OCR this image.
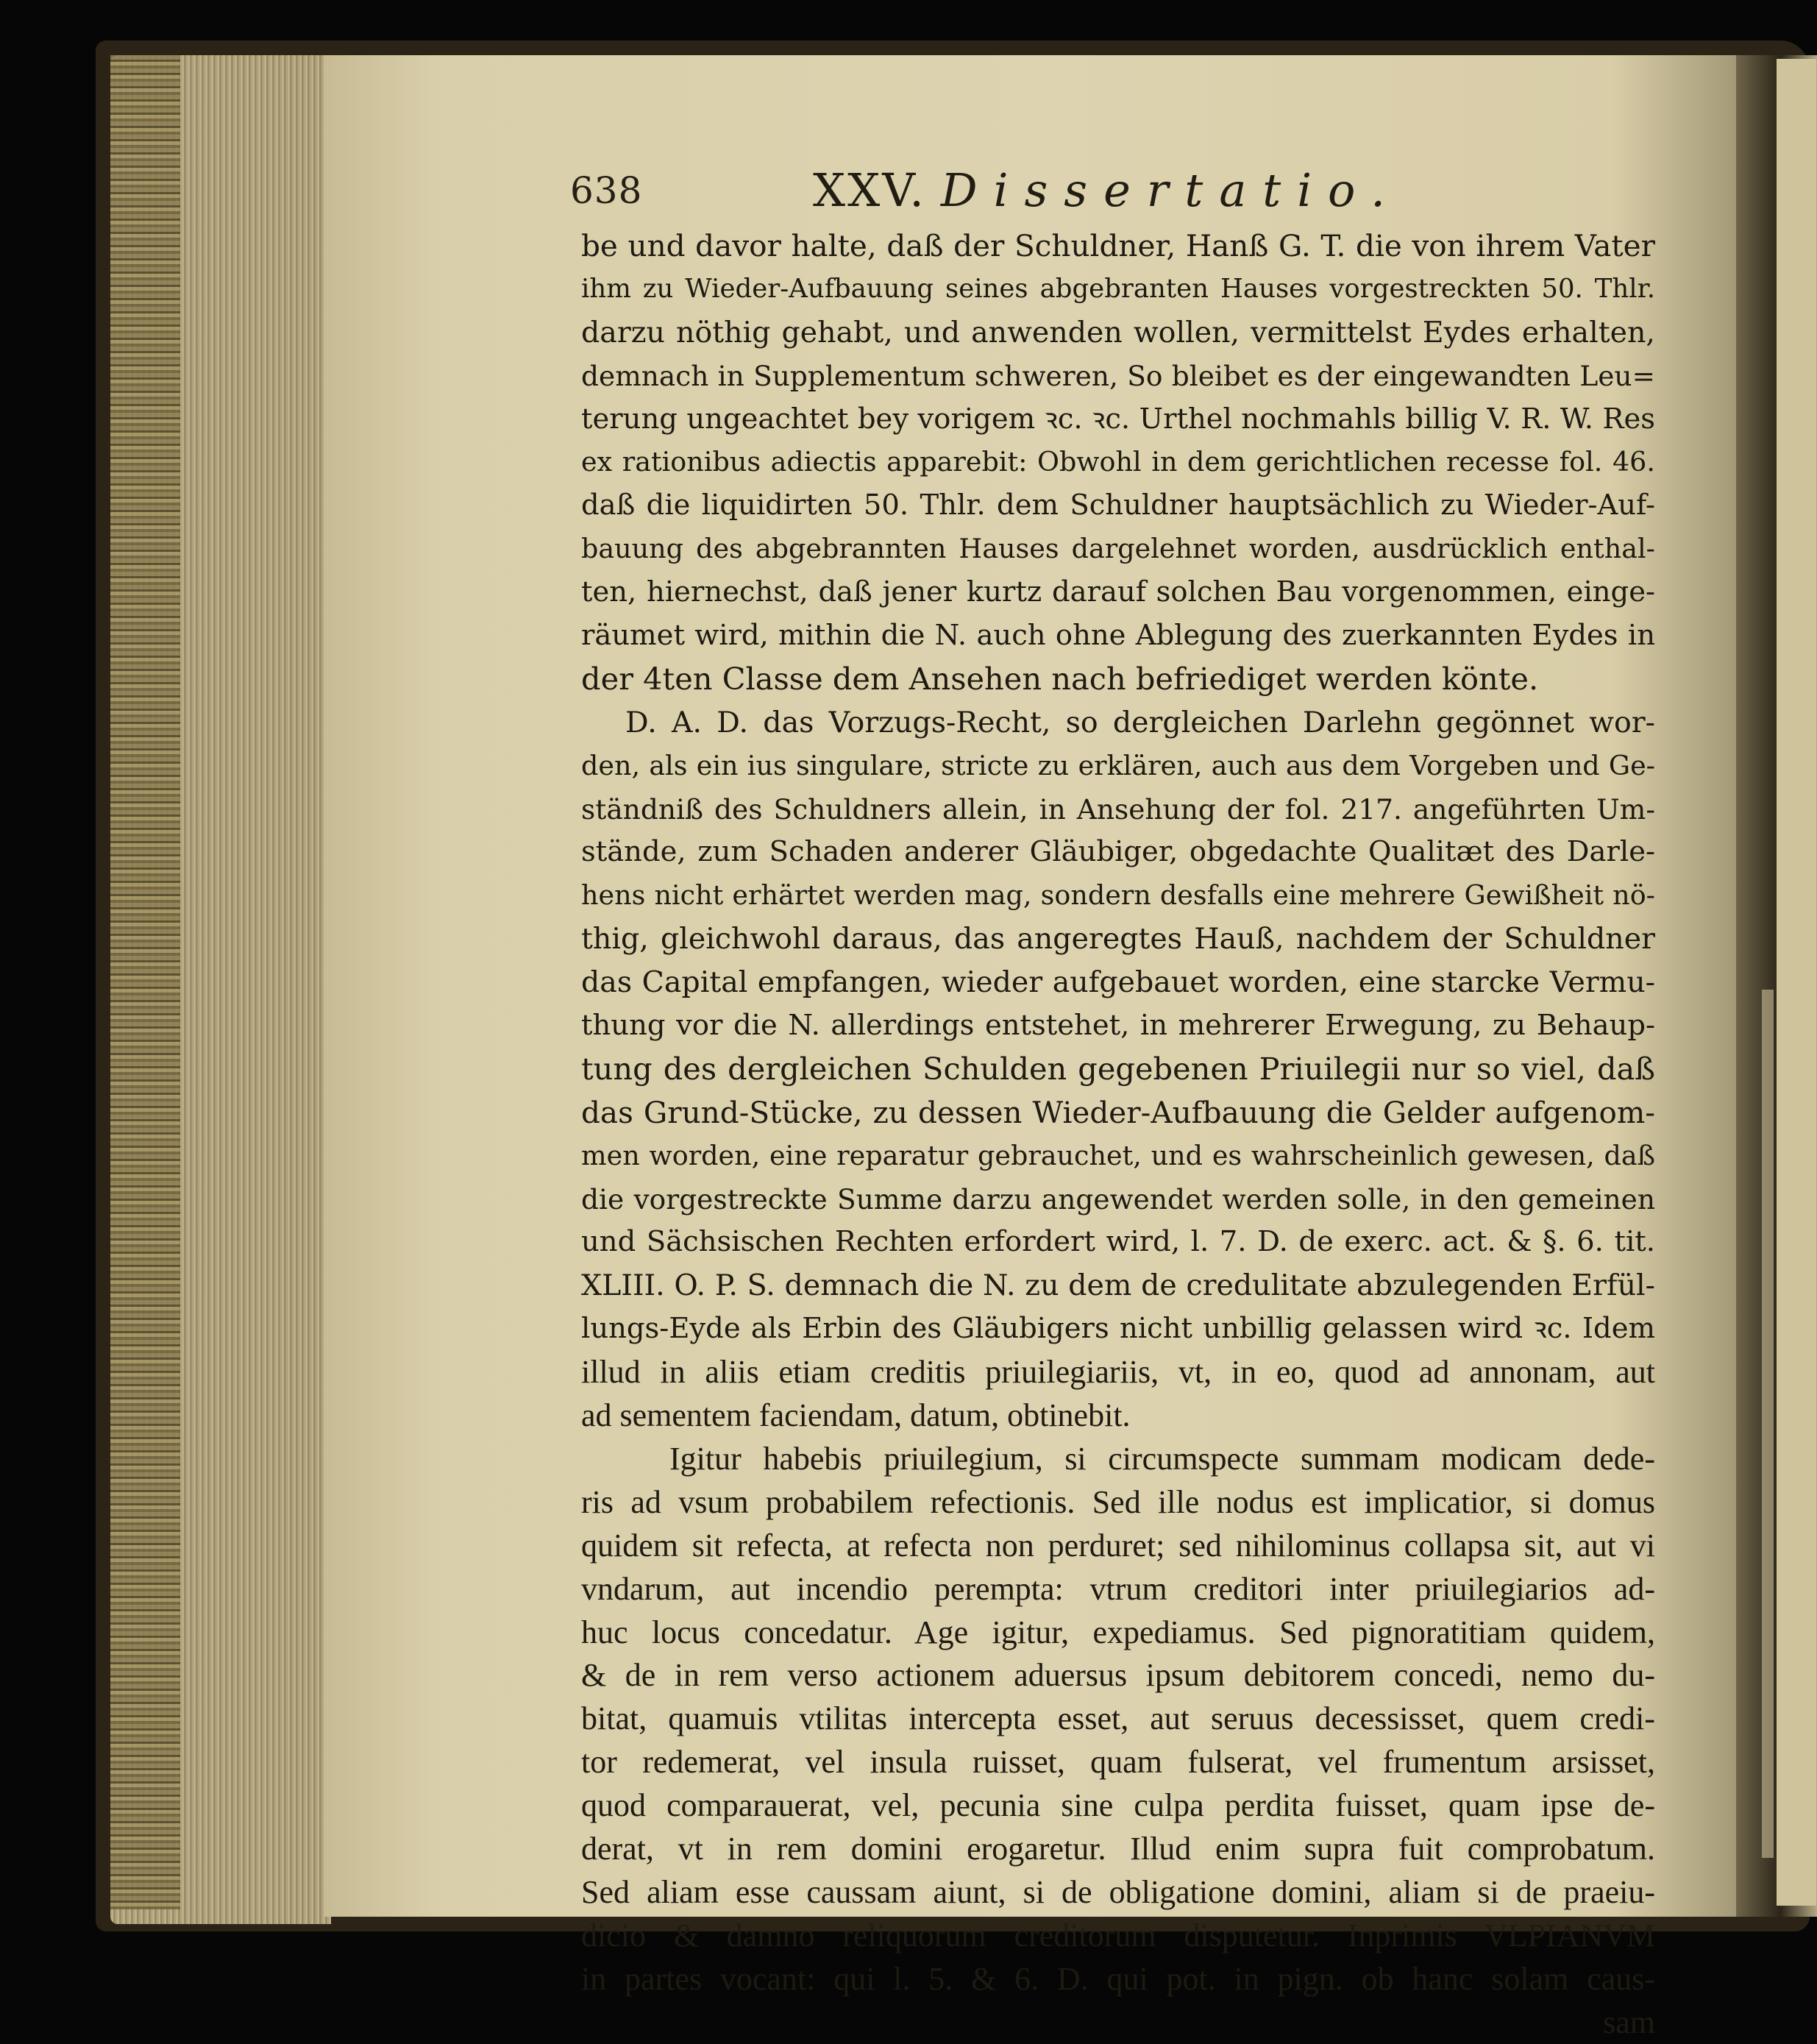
638	XXV. Dissertatio.
be und davor halte, daß der Schuldner, Hanß G. T. die von ihrem Vater
ihm zu Wieder-Aufbauung seines abgebranten Hauses vorgestreckten 50. Thlr.
darzu nöthig gehabt, und anwenden wollen, vermittelst Eydes erhalten,
demnach in Supplementum schweren, So bleibet es der eingewandten Leu=
terung ungeachtet bey vorigem ꝛc. ꝛc. Urthel nochmahls billig V. R. W. Res
ex rationibus adiectis apparebit: Obwohl in dem gerichtlichen recesse fol. 46.
daß die liquidirten 50. Thlr. dem Schuldner hauptsächlich zu Wieder-Auf-
bauung des abgebrannten Hauses dargelehnet worden, ausdrücklich enthal-
ten, hiernechst, daß jener kurtz darauf solchen Bau vorgenommen, einge-
räumet wird, mithin die N. auch ohne Ablegung des zuerkannten Eydes in
der 4ten Classe dem Ansehen nach befriediget werden könte.
D. A. D. das Vorzugs-Recht, so dergleichen Darlehn gegönnet wor-
den, als ein ius singulare, stricte zu erklären, auch aus dem Vorgeben und Ge-
ständniß des Schuldners allein, in Ansehung der fol. 217. angeführten Um-
stände, zum Schaden anderer Gläubiger, obgedachte Qualitæt des Darle-
hens nicht erhärtet werden mag, sondern desfalls eine mehrere Gewißheit nö-
thig, gleichwohl daraus, das angeregtes Hauß, nachdem der Schuldner
das Capital empfangen, wieder aufgebauet worden, eine starcke Vermu-
thung vor die N. allerdings entstehet, in mehrerer Erwegung, zu Behaup-
tung des dergleichen Schulden gegebenen Priuilegii nur so viel, daß
das Grund-Stücke, zu dessen Wieder-Aufbauung die Gelder aufgenom-
men worden, eine reparatur gebrauchet, und es wahrscheinlich gewesen, daß
die vorgestreckte Summe darzu angewendet werden solle, in den gemeinen
und Sächsischen Rechten erfordert wird, l. 7. D. de exerc. act. & §. 6. tit.
XLIII. O. P. S. demnach die N. zu dem de credulitate abzulegenden Erfül-
lungs-Eyde als Erbin des Gläubigers nicht unbillig gelassen wird ꝛc. Idem
illud in aliis etiam creditis priuilegiariis, vt, in eo, quod ad annonam, aut
ad sementem faciendam, datum, obtinebit.
Igitur habebis priuilegium, si circumspecte summam modicam dede-
ris ad vsum probabilem refectionis. Sed ille nodus est implicatior, si domus
quidem sit refecta, at refecta non perduret; sed nihilominus collapsa sit, aut vi
vndarum, aut incendio perempta: vtrum creditori inter priuilegiarios ad-
huc locus concedatur. Age igitur, expediamus. Sed pignoratitiam quidem,
& de in rem verso actionem aduersus ipsum debitorem concedi, nemo du-
bitat, quamuis vtilitas intercepta esset, aut seruus decessisset, quem credi-
tor redemerat, vel insula ruisset, quam fulserat, vel frumentum arsisset,
quod comparauerat, vel, pecunia sine culpa perdita fuisset, quam ipse de-
derat, vt in rem domini erogaretur. Illud enim supra fuit comprobatum.
Sed aliam esse caussam aiunt, si de obligatione domini, aliam si de praeiu-
dicio & damno reliquorum creditorum disputetur. Inprimis VLPIANVM
in partes vocant: qui l. 5. & 6. D. qui pot. in pign. ob hanc solam caus-
sam
